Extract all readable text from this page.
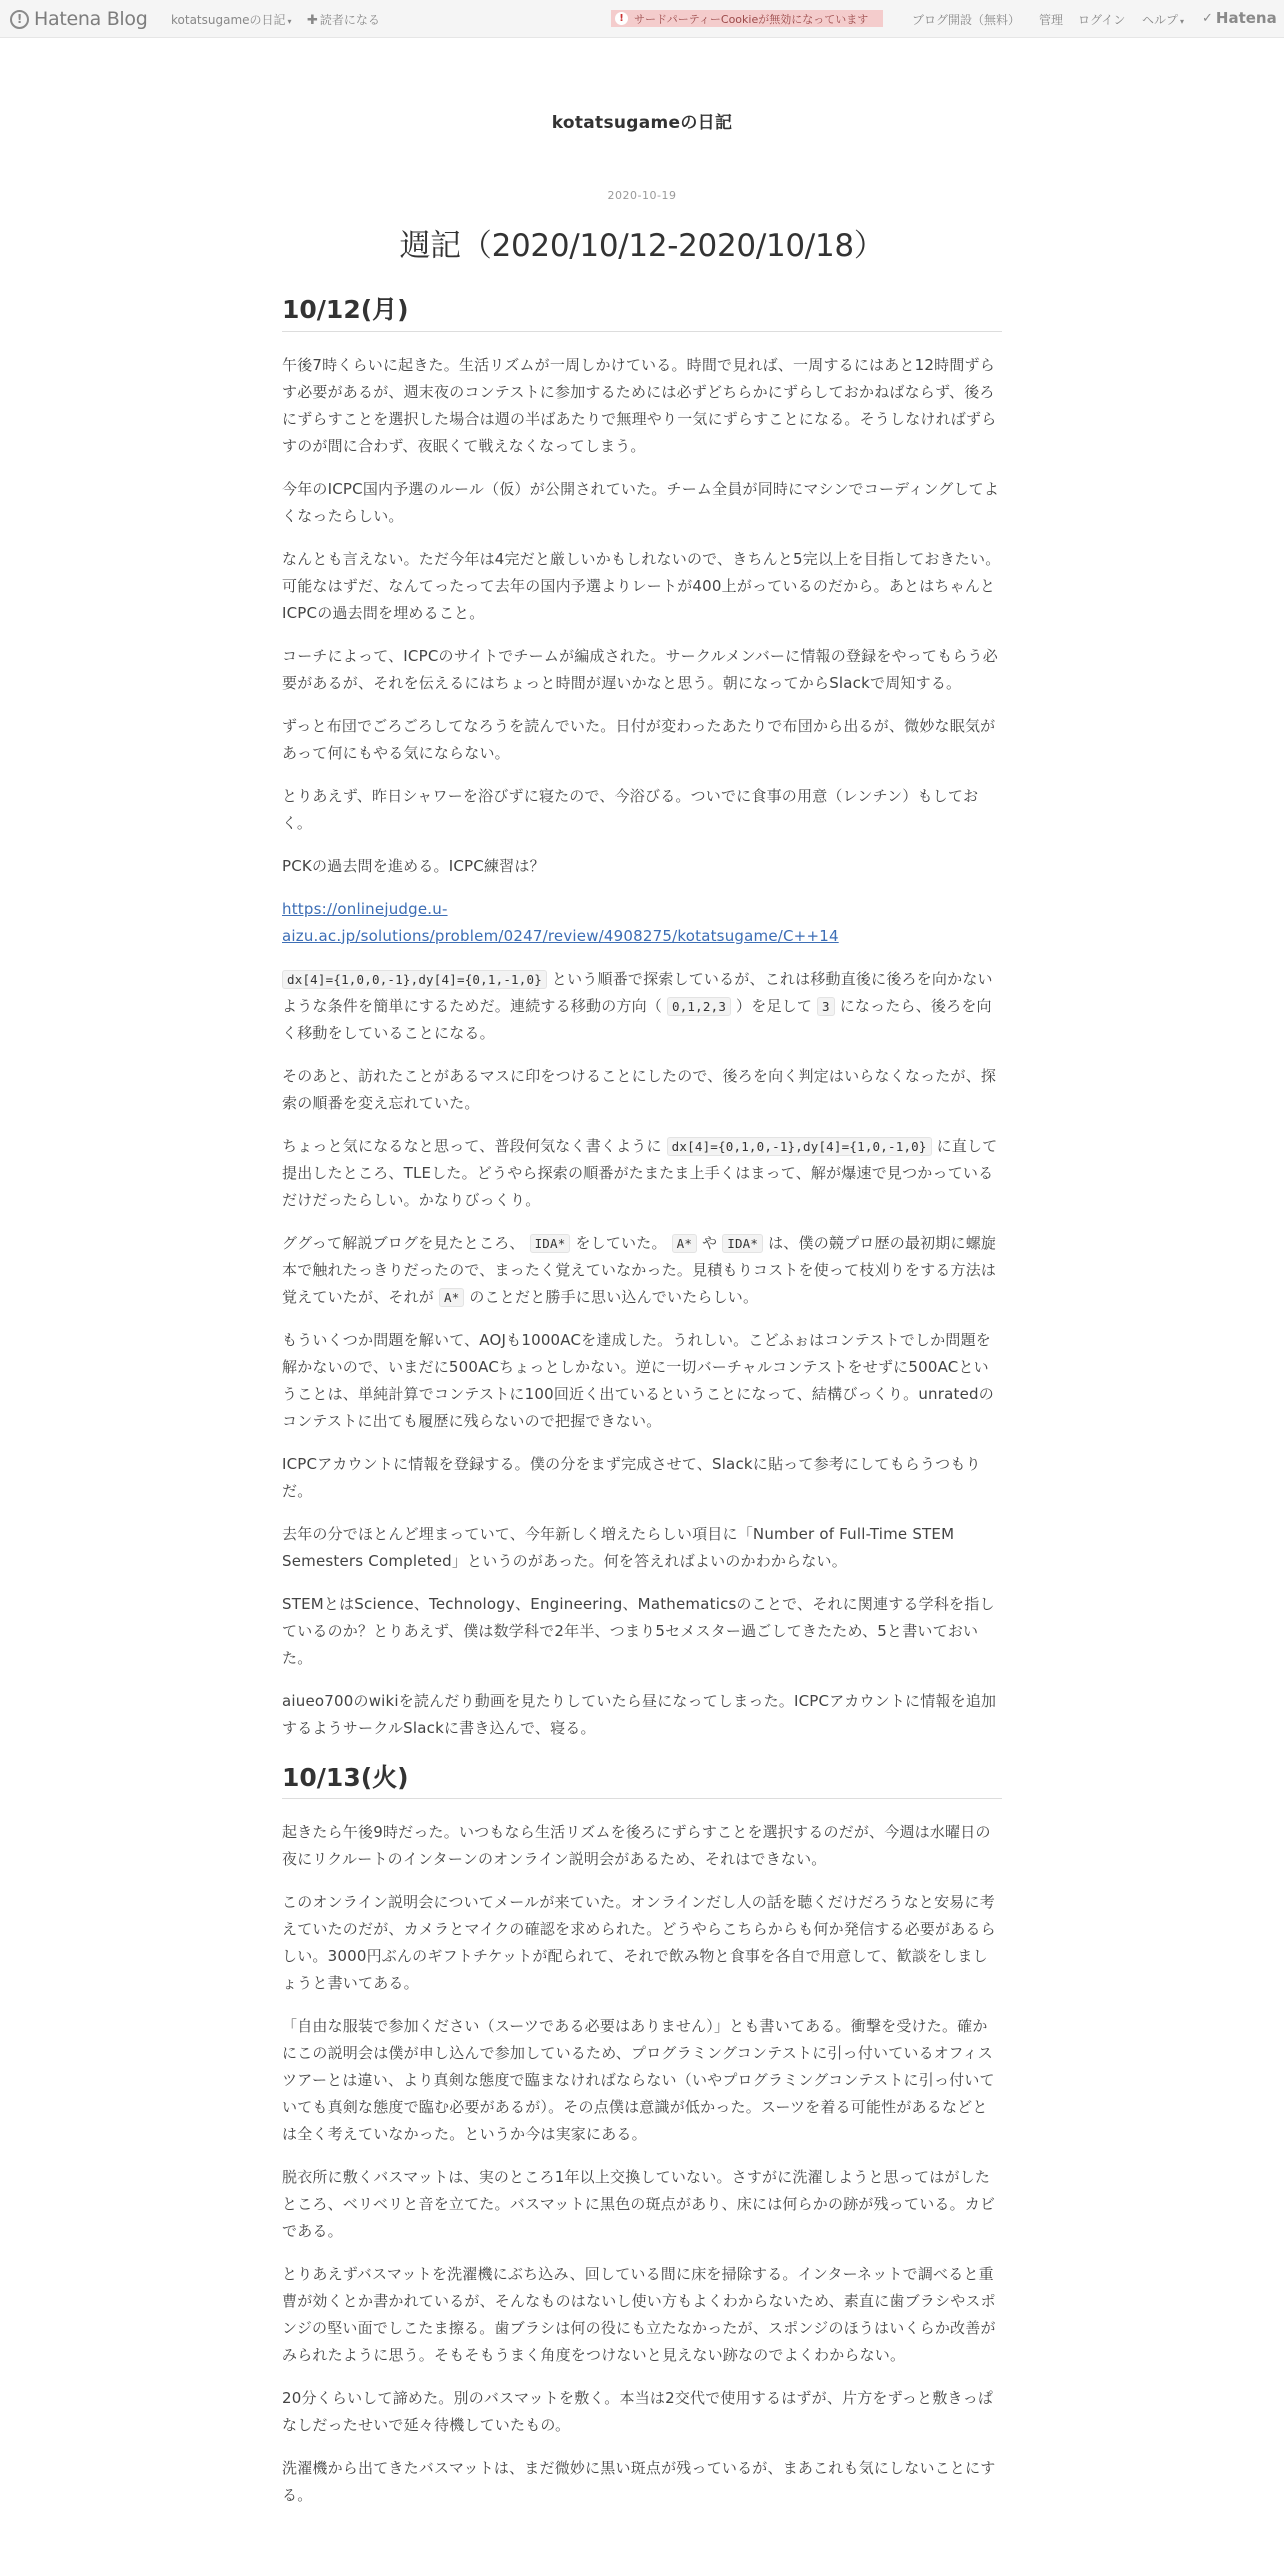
! Hatena Blog kotatsugameの日記 ▾ ✚ 読者になる	! サードパーティーCookieが無効になっています	ブログ開設（無料） 管理 ログイン ヘルプ ▾ ✓ Hatena
kotatsugameの日記
2020-10-19
週記（2020/10/12-2020/10/18）
10/12(月)

午後7時くらいに起きた。生活リズムが一周しかけている。時間で見れば、一周するにはあと12時間ずらす必要があるが、週末夜のコンテストに参加するためには必ずどちらかにずらしておかねばならず、後ろにずらすことを選択した場合は週の半ばあたりで無理やり一気にずらすことになる。そうしなければずらすのが間に合わず、夜眠くて戦えなくなってしまう。

今年のICPC国内予選のルール（仮）が公開されていた。チーム全員が同時にマシンでコーディングしてよくなったらしい。

なんとも言えない。ただ今年は4完だと厳しいかもしれないので、きちんと5完以上を目指しておきたい。可能なはずだ、なんてったって去年の国内予選よりレートが400上がっているのだから。あとはちゃんとICPCの過去問を埋めること。

コーチによって、ICPCのサイトでチームが編成された。サークルメンバーに情報の登録をやってもらう必要があるが、それを伝えるにはちょっと時間が遅いかなと思う。朝になってからSlackで周知する。

ずっと布団でごろごろしてなろうを読んでいた。日付が変わったあたりで布団から出るが、微妙な眠気があって何にもやる気にならない。

とりあえず、昨日シャワーを浴びずに寝たので、今浴びる。ついでに食事の用意（レンチン）もしておく。

PCKの過去問を進める。ICPC練習は？

https://onlinejudge.u-aizu.ac.jp/solutions/problem/0247/review/4908275/kotatsugame/C++14

dx[4]={1,0,0,-1},dy[4]={0,1,-1,0} という順番で探索しているが、これは移動直後に後ろを向かないような条件を簡単にするためだ。連続する移動の方向（ 0,1,2,3 ）を足して 3 になったら、後ろを向く移動をしていることになる。

そのあと、訪れたことがあるマスに印をつけることにしたので、後ろを向く判定はいらなくなったが、探索の順番を変え忘れていた。

ちょっと気になるなと思って、普段何気なく書くように dx[4]={0,1,0,-1},dy[4]={1,0,-1,0} に直して提出したところ、TLEした。どうやら探索の順番がたまたま上手くはまって、解が爆速で見つかっているだけだったらしい。かなりびっくり。

ググって解説ブログを見たところ、 IDA* をしていた。 A* や IDA* は、僕の競プロ歴の最初期に螺旋本で触れたっきりだったので、まったく覚えていなかった。見積もりコストを使って枝刈りをする方法は覚えていたが、それが A* のことだと勝手に思い込んでいたらしい。

もういくつか問題を解いて、AOJも1000ACを達成した。うれしい。こどふぉはコンテストでしか問題を解かないので、いまだに500ACちょっとしかない。逆に一切バーチャルコンテストをせずに500ACということは、単純計算でコンテストに100回近く出ているということになって、結構びっくり。unratedのコンテストに出ても履歴に残らないので把握できない。

ICPCアカウントに情報を登録する。僕の分をまず完成させて、Slackに貼って参考にしてもらうつもりだ。

去年の分でほとんど埋まっていて、今年新しく増えたらしい項目に「Number of Full-Time STEM Semesters Completed」というのがあった。何を答えればよいのかわからない。

STEMとはScience、Technology、Engineering、Mathematicsのことで、それに関連する学科を指しているのか？とりあえず、僕は数学科で2年半、つまり5セメスター過ごしてきたため、5と書いておいた。

aiueo700のwikiを読んだり動画を見たりしていたら昼になってしまった。ICPCアカウントに情報を追加するようサークルSlackに書き込んで、寝る。

10/13(火)

起きたら午後9時だった。いつもなら生活リズムを後ろにずらすことを選択するのだが、今週は水曜日の夜にリクルートのインターンのオンライン説明会があるため、それはできない。

このオンライン説明会についてメールが来ていた。オンラインだし人の話を聴くだけだろうなと安易に考えていたのだが、カメラとマイクの確認を求められた。どうやらこちらからも何か発信する必要があるらしい。3000円ぶんのギフトチケットが配られて、それで飲み物と食事を各自で用意して、歓談をしましょうと書いてある。

「自由な服装で参加ください（スーツである必要はありません）」とも書いてある。衝撃を受けた。確かにこの説明会は僕が申し込んで参加しているため、プログラミングコンテストに引っ付いているオフィスツアーとは違い、より真剣な態度で臨まなければならない（いやプログラミングコンテストに引っ付いていても真剣な態度で臨む必要があるが）。その点僕は意識が低かった。スーツを着る可能性があるなどとは全く考えていなかった。というか今は実家にある。

脱衣所に敷くバスマットは、実のところ1年以上交換していない。さすがに洗濯しようと思ってはがしたところ、ベリベリと音を立てた。バスマットに黒色の斑点があり、床には何らかの跡が残っている。カビである。

とりあえずバスマットを洗濯機にぶち込み、回している間に床を掃除する。インターネットで調べると重曹が効くとか書かれているが、そんなものはないし使い方もよくわからないため、素直に歯ブラシやスポンジの堅い面でしこたま擦る。歯ブラシは何の役にも立たなかったが、スポンジのほうはいくらか改善がみられたように思う。そもそもうまく角度をつけないと見えない跡なのでよくわからない。

20分くらいして諦めた。別のバスマットを敷く。本当は2交代で使用するはずが、片方をずっと敷きっぱなしだったせいで延々待機していたもの。

洗濯機から出てきたバスマットは、まだ微妙に黒い斑点が残っているが、まあこれも気にしないことにする。
